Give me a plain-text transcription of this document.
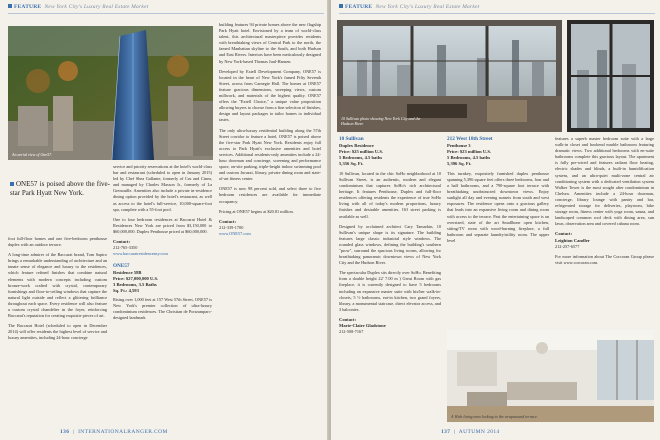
FEATURE New York City's Luxury Real Estate Market
An aerial view of One57.
ONE57 is poised above the five-star Park Hyatt New York.

foot full-floor homes and one five-bedroom penthouse duplex with an outdoor terrace.

A long-time admirer of the Baccarat brand, Tom Sapiro brings a remarkable understanding of architecture and an innate sense of elegance and luxury to the residences, which feature refined finishes that combine natural elements with modern concepts including custom bronze-work crafted with crystal, contemporary furnishings and floor-to-ceiling windows that capture the natural light outside and reflect a glittering brilliance throughout each space. Every residence will also feature a custom crystal chandelier in the foyer, reinforcing Baccarat's reputation for creating exquisite pieces of art.

The Baccarat Hotel (scheduled to open in December 2014) will offer residents the highest level of service and luxury amenities, including 24-hour concierge

service and priority reservations at the hotel's world-class bar and restaurant (scheduled to open in January 2015) led by Chef Shea Gallante, formerly of Cru and Cinea, and managed by Charles Masson Jr., formerly of La Grenouille. Amenities also include a private in-residence dining option provided by the hotel's restaurant, as well as access to the hotel's full-service, 10,000-square-foot spa, complete with a 55-foot pool.

One to four bedroom residences at Baccarat Hotel & Residences New York are priced from $3,150,000 to $60,000,000. Duplex Penthouse priced at $60,000,000.

Contact:
212-765-3350
www.baccaratresidencesny.com
ONE57
Residence 58B
Price: $27,000,000 U.S.
3 Bedrooms, 3.5 Baths
Sq. Ft.: 4,593

Rising over 1,000 feet at 157 West 57th Street, ONE57 is New York's premier collection of ultra-luxury condominium residences. The Christian de Portzamparc-designed landmark

building features 94 private homes above the new flagship Park Hyatt hotel. Envisioned by a team of world-class talent, this architectural masterpiece provides residents with breathtaking views of Central Park to the north, the famed Manhattan skyline to the South, and both Hudson and East Rivers. Interiors have been meticulously designed by New York-based Thomas Juul-Hansen.

Developed by Extell Development Company, ONE57 is located in the heart of New York's famed Fifty Seventh Street, across from Carnegie Hall. The homes at ONE57 feature gracious dimensions, sweeping views, custom millwork, and materials of the highest quality. ONE57 offers the "Extell Choice," a unique value proposition allowing buyers to choose from a fine selection of finishes, design and layout packages to tailor homes to individual tastes.

The only ultra-luxury residential building along the 57th Street corridor to feature a hotel, ONE57 is poised above the five-star Park Hyatt New York. Residents enjoy full access to Park Hyatt's exclusive amenities and hotel services. Additional residents-only amenities include a 24-hour doorman and concierge, screening and performance space, on-site parking, triple-height indoor swimming pool and custom Jacuzzi, library, private dining room and state-of-art fitness center.

ONE57 is now 98 percent sold, and select three to five bedroom residences are available for immediate occupancy.

Pricing at ONE57 begins at $20.81 million.

Contact:
212-339-1700
www.ONE57.com
136  |  INTERNATIONALRANGER.COM
FEATURE New York City's Luxury Real Estate Market
10 Sullivan photo showing New York City and the Hudson River.
10 Sullivan
Duplex Residence
Price: $25 million U.S.
5 Bedrooms, 4.5 baths
5,356 Sq. Ft.

10 Sullivan, located in the chic SoHo neighborhood at 10 Sullivan Street, is an authentic, modern and elegant condominium that captures SoHo's rich architectural heritage. It features Penthouse, Duplex and full-floor residences offering residents the experience of true SoHo living with all of today's modern proportions, luxury finishes and desirable amenities. Off street parking is available as well.

Designed by acclaimed architect Cary Tamarkin, 10 Sullivan's unique shape is its signature. The building features large classic industrial style windows. The rounded glass windows, defining the building's southern "prow", surround the spacious living rooms, allowing for breathtaking panoramic downtown views of New York City and the Hudson River.

The spectacular Duplex sits directly over SoHo. Benefiting from a double height 22' 7.00 m ) Great Room with gas fireplace, it is currently designed to have 5 bedrooms including an expansive master suite with his/her walk-in-closets, 5 ½ bathrooms, eat-in kitchen, two grand foyers, library, a monumental staircase, direct elevator access, and 3 balconies.

Contact:
Marie-Claire Gladstone
212-508-7167
212 West 18th Street
Penthouse 3
Price: $23 million U.S.
5 Bedrooms, 4.5 baths
5,396 Sq. Ft.

This turnkey, exquisitely furnished duplex penthouse spanning 5,396 square feet offers three bedrooms, four and a half bathrooms, and a 790-square foot terrace with breathtaking unobstructed downtown views. Enjoy sunlight all day and evening sunsets from south and west exposures. The residence opens onto a gracious gallery that leads into an expansive living room and dining room with access to the terrace. Past the entertaining space is an oversized, state of the art Smallbone open kitchen, sitting/TV room with wood-burning fireplace, a full bathroom and separate laundry/utility room. The upper level

features a superb master bedroom suite with a large walk-in closet and bookend marble bathroom featuring dramatic views. Two additional bedrooms with en-suite bathrooms complete this gracious layout. The apartment is fully pre-wired and features radiant floor heating, electric shades and blinds, a built-in humidification system, and an ultra-quiet multi-zone central air conditioning system with a dedicated ventilation system Walker Tower is the most sought after condominium in Chelsea. Amenities include a 24-hour doorman, concierge, library lounge with pantry and bar, refrigerated storage for deliveries, playroom, bike storage room, fitness center with yoga room, sauna, and landscaped common roof deck with dining area, sun lawn, observation area and covered cabana room.

Contact:
Leighton Candler
212-257-6577

For more information about The Corcoran Group please visit www.corcoran.com.

A Wide living area looking to the wraparound terrace.
137  |  AUTUMN 2014
